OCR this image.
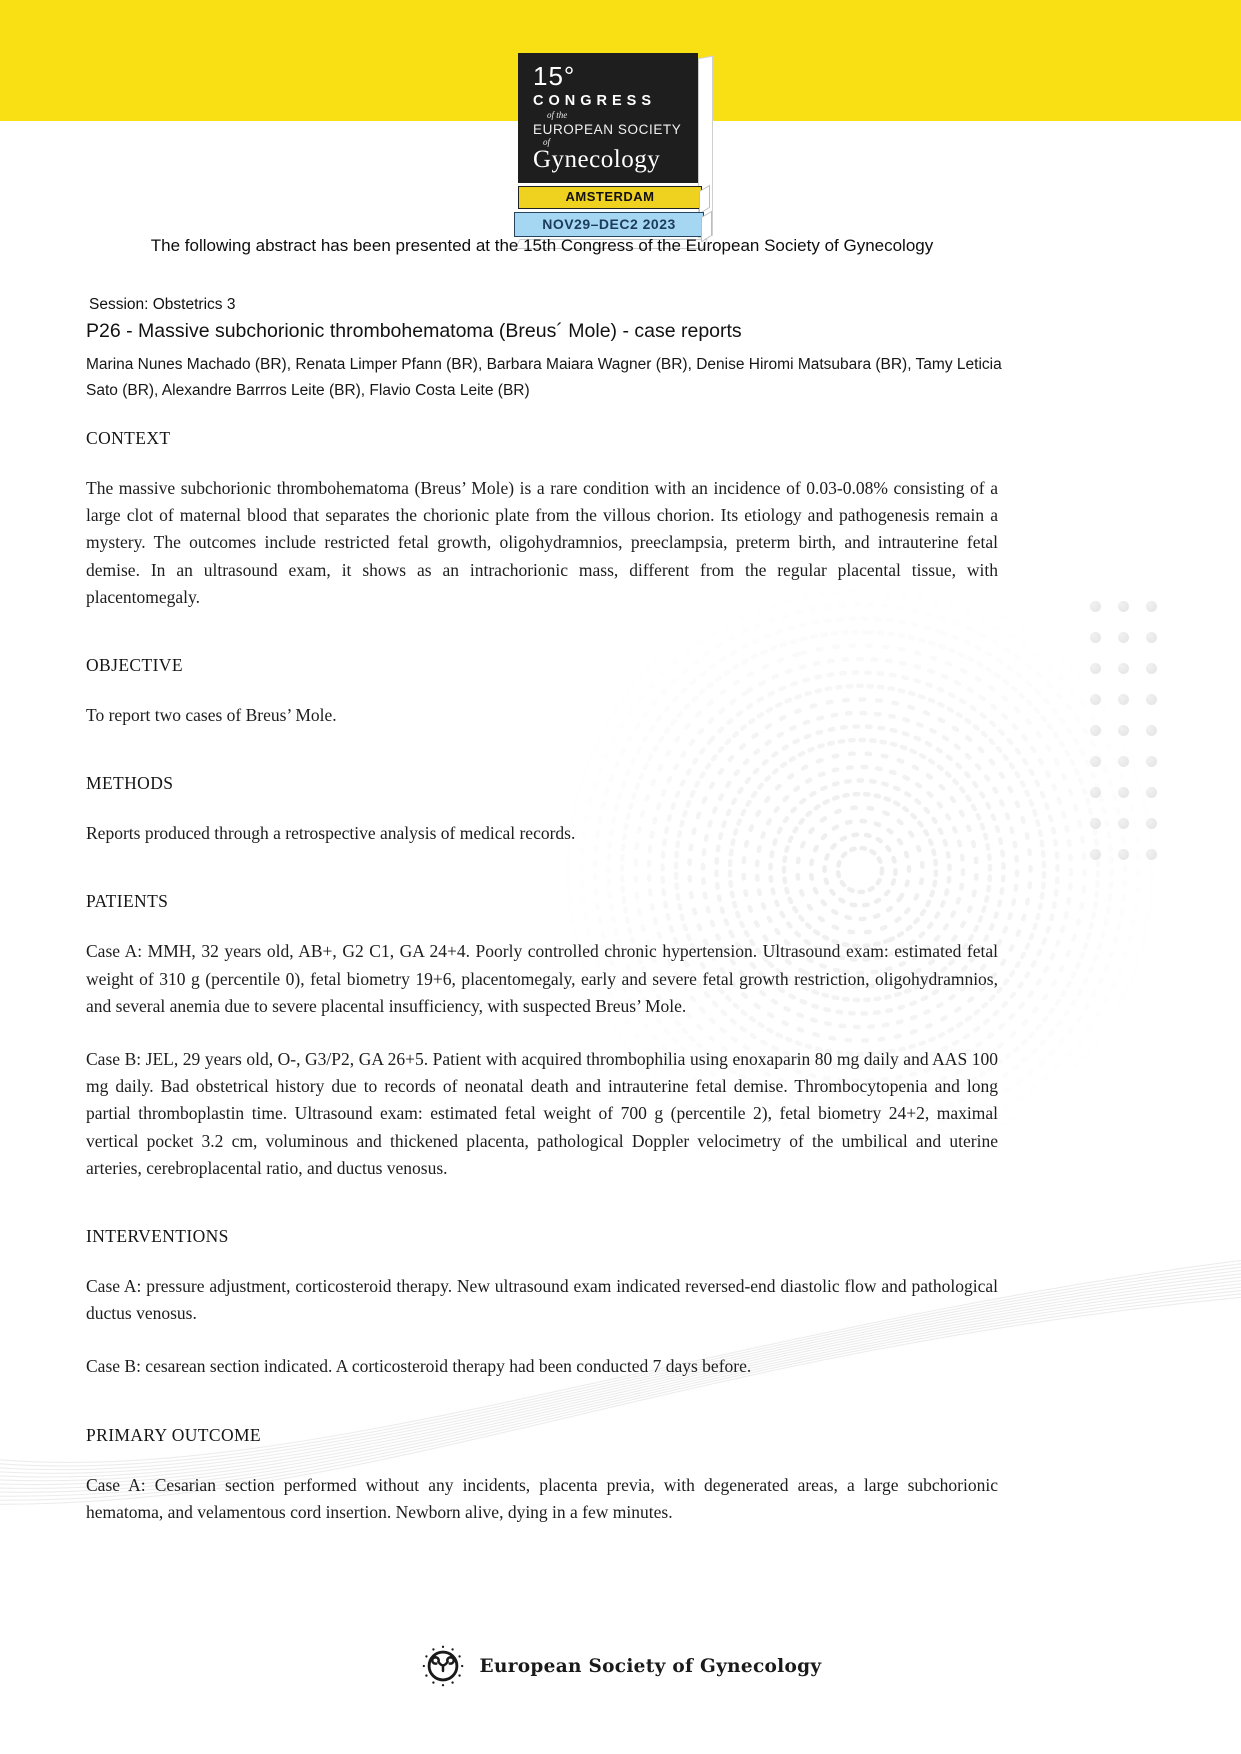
15°
CONGRESS
of the
EUROPEAN SOCIETY
of
Gynecology
AMSTERDAM
NOV29–DEC2 2023
The following abstract has been presented at the 15th Congress of the European Society of Gynecology
Session: Obstetrics 3
P26 - Massive subchorionic thrombohematoma (Breus´ Mole) - case reports
Marina Nunes Machado (BR), Renata Limper Pfann (BR), Barbara Maiara Wagner (BR), Denise Hiromi Matsubara (BR), Tamy Leticia Sato (BR), Alexandre Barrros Leite (BR), Flavio Costa Leite (BR)
CONTEXT

The massive subchorionic thrombohematoma (Breus’ Mole) is a rare condition with an incidence of 0.03-0.08% consisting of a large clot of maternal blood that separates the chorionic plate from the villous chorion. Its etiology and pathogenesis remain a mystery. The outcomes include restricted fetal growth, oligohydramnios, preeclampsia, preterm birth, and intrauterine fetal demise. In an ultrasound exam, it shows as an intrachorionic mass, different from the regular placental tissue, with placentomegaly.

OBJECTIVE

To report two cases of Breus’ Mole.

METHODS

Reports produced through a retrospective analysis of medical records.

PATIENTS

Case A: MMH, 32 years old, AB+, G2 C1, GA 24+4. Poorly controlled chronic hypertension. Ultrasound exam: estimated fetal weight of 310 g (percentile 0), fetal biometry 19+6, placentomegaly, early and severe fetal growth restriction, oligohydramnios, and several anemia due to severe placental insufficiency, with suspected Breus’ Mole.

Case B: JEL, 29 years old, O-, G3/P2, GA 26+5. Patient with acquired thrombophilia using enoxaparin 80 mg daily and AAS 100 mg daily. Bad obstetrical history due to records of neonatal death and intrauterine fetal demise. Thrombocytopenia and long partial thromboplastin time. Ultrasound exam: estimated fetal weight of 700 g (percentile 2), fetal biometry 24+2, maximal vertical pocket 3.2 cm, voluminous and thickened placenta, pathological Doppler velocimetry of the umbilical and uterine arteries, cerebroplacental ratio, and ductus venosus.

INTERVENTIONS

Case A: pressure adjustment, corticosteroid therapy. New ultrasound exam indicated reversed-end diastolic flow and pathological ductus venosus.

Case B: cesarean section indicated. A corticosteroid therapy had been conducted 7 days before.

PRIMARY OUTCOME

Case A: Cesarian section performed without any incidents, placenta previa, with degenerated areas, a large subchorionic hematoma, and velamentous cord insertion. Newborn alive, dying in a few minutes.

European Society of Gynecology
